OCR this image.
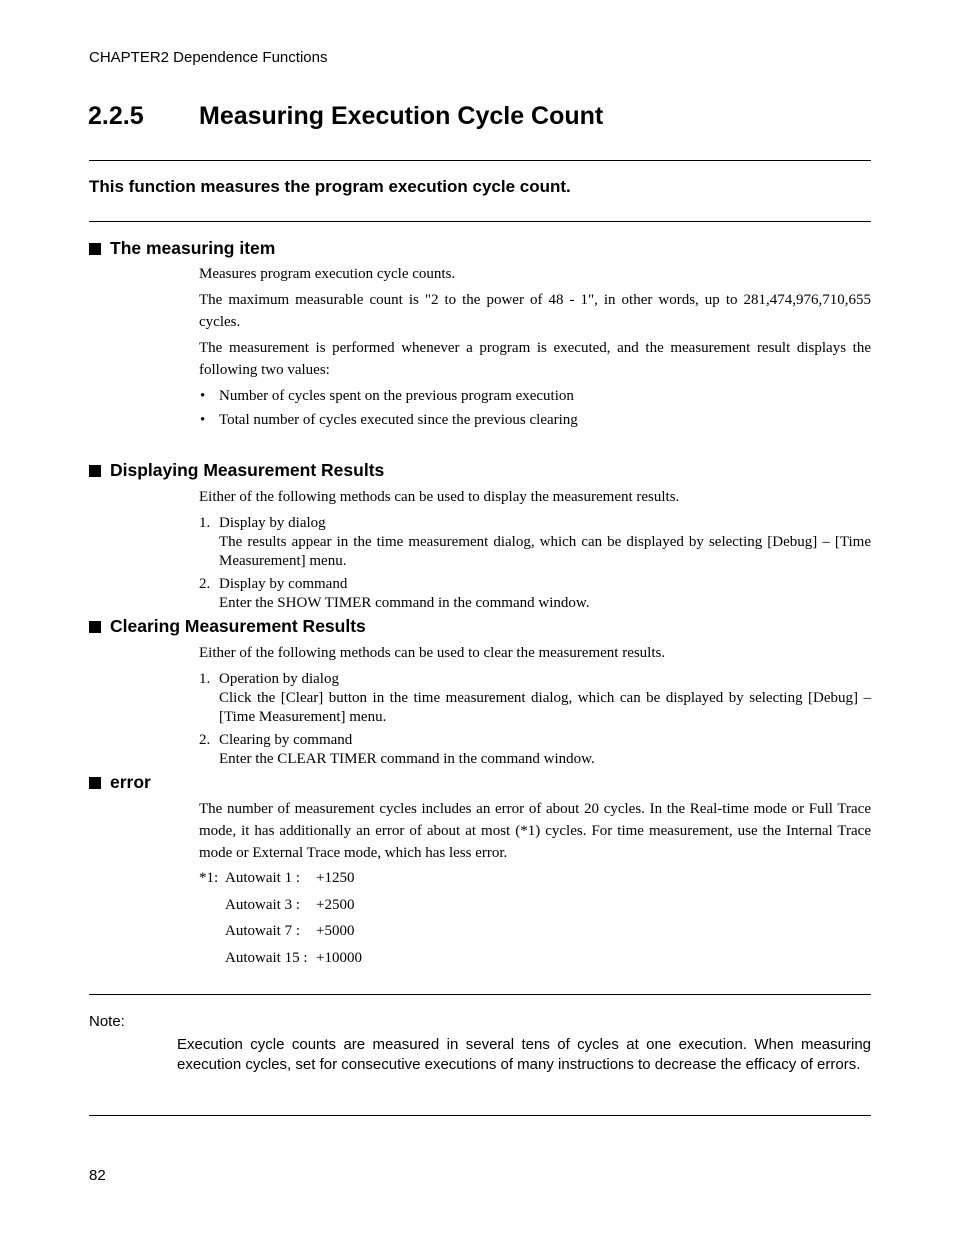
CHAPTER2 Dependence Functions
2.2.5 Measuring Execution Cycle Count
This function measures the program execution cycle count.
The measuring item

Measures program execution cycle counts.

The maximum measurable count is "2 to the power of 48 - 1", in other words, up to 281,474,976,710,655 cycles.

The measurement is performed whenever a program is executed, and the measurement result displays the following two values:

• Number of cycles spent on the previous program execution
• Total number of cycles executed since the previous clearing
Displaying Measurement Results

Either of the following methods can be used to display the measurement results.

1. Display by dialog
The results appear in the time measurement dialog, which can be displayed by selecting [Debug] – [Time Measurement] menu.
2. Display by command
Enter the SHOW TIMER command in the command window.
Clearing Measurement Results

Either of the following methods can be used to clear the measurement results.

1. Operation by dialog
Click the [Clear] button in the time measurement dialog, which can be displayed by selecting [Debug] – [Time Measurement] menu.
2. Clearing by command
Enter the CLEAR TIMER command in the command window.
error

The number of measurement cycles includes an error of about 20 cycles. In the Real-time mode or Full Trace mode, it has additionally an error of about at most (*1) cycles. For time measurement, use the Internal Trace mode or External Trace mode, which has less error.

*1: Autowait 1 :	+1250
Autowait 3 :	+2500
Autowait 7 :	+5000
Autowait 15 : +10000
Note:
Execution cycle counts are measured in several tens of cycles at one execution. When measuring execution cycles, set for consecutive executions of many instructions to decrease the efficacy of errors.
82
